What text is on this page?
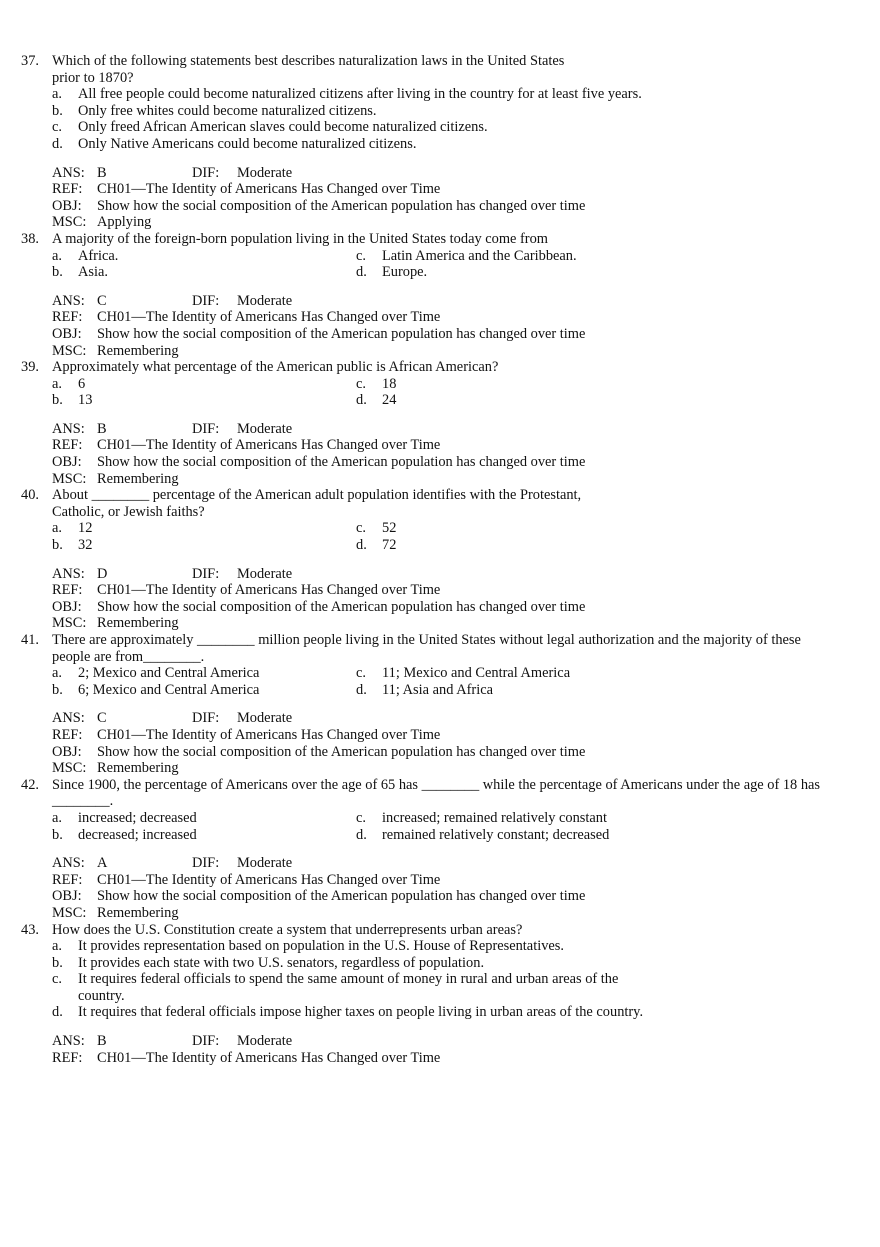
37. Which of the following statements best describes naturalization laws in the United States
prior to 1870?
a.	All free people could become naturalized citizens after living in the country for at least five years.
b.	Only free whites could become naturalized citizens.
c.	Only freed African American slaves could become naturalized citizens.
d.	Only Native Americans could become naturalized citizens.
ANS: B	DIF:	Moderate
REF:	CH01—The Identity of Americans Has Changed over Time
OBJ:	Show how the social composition of the American population has changed over time
MSC: Applying
38. A majority of the foreign-born population living in the United States today come from
a.	Africa.	c.	Latin America and the Caribbean.
b.	Asia.	d.	Europe.
ANS: C	DIF:	Moderate
REF:	CH01—The Identity of Americans Has Changed over Time
OBJ:	Show how the social composition of the American population has changed over time
MSC: Remembering
39. Approximately what percentage of the American public is African American?
a.	6	c.	18
b.	13	d.	24
ANS: B	DIF:	Moderate
REF:	CH01—The Identity of Americans Has Changed over Time
OBJ:	Show how the social composition of the American population has changed over time
MSC: Remembering
40. About ________ percentage of the American adult population identifies with the Protestant,
Catholic, or Jewish faiths?
a.	12	c.	52
b.	32	d.	72
ANS: D	DIF:	Moderate
REF:	CH01—The Identity of Americans Has Changed over Time
OBJ:	Show how the social composition of the American population has changed over time
MSC: Remembering
41. There are approximately ________ million people living in the United States without legal authorization and the majority of these
people are from________.
a.	2; Mexico and Central America	c.	11; Mexico and Central America
b.	6; Mexico and Central America	d.	11; Asia and Africa
ANS: C	DIF:	Moderate
REF:	CH01—The Identity of Americans Has Changed over Time
OBJ:	Show how the social composition of the American population has changed over time
MSC: Remembering
42. Since 1900, the percentage of Americans over the age of 65 has ________ while the percentage of Americans under the age of 18 has
________.
a.	increased; decreased	c.	increased; remained relatively constant
b.	decreased; increased	d.	remained relatively constant; decreased
ANS: A	DIF:	Moderate
REF:	CH01—The Identity of Americans Has Changed over Time
OBJ:	Show how the social composition of the American population has changed over time
MSC: Remembering
43. How does the U.S. Constitution create a system that underrepresents urban areas?
a.	It provides representation based on population in the U.S. House of Representatives.
b.	It provides each state with two U.S. senators, regardless of population.
c.	It requires federal officials to spend the same amount of money in rural and urban areas of the country.
d.	It requires that federal officials impose higher taxes on people living in urban areas of the country.
ANS: B	DIF:	Moderate
REF:	CH01—The Identity of Americans Has Changed over Time
